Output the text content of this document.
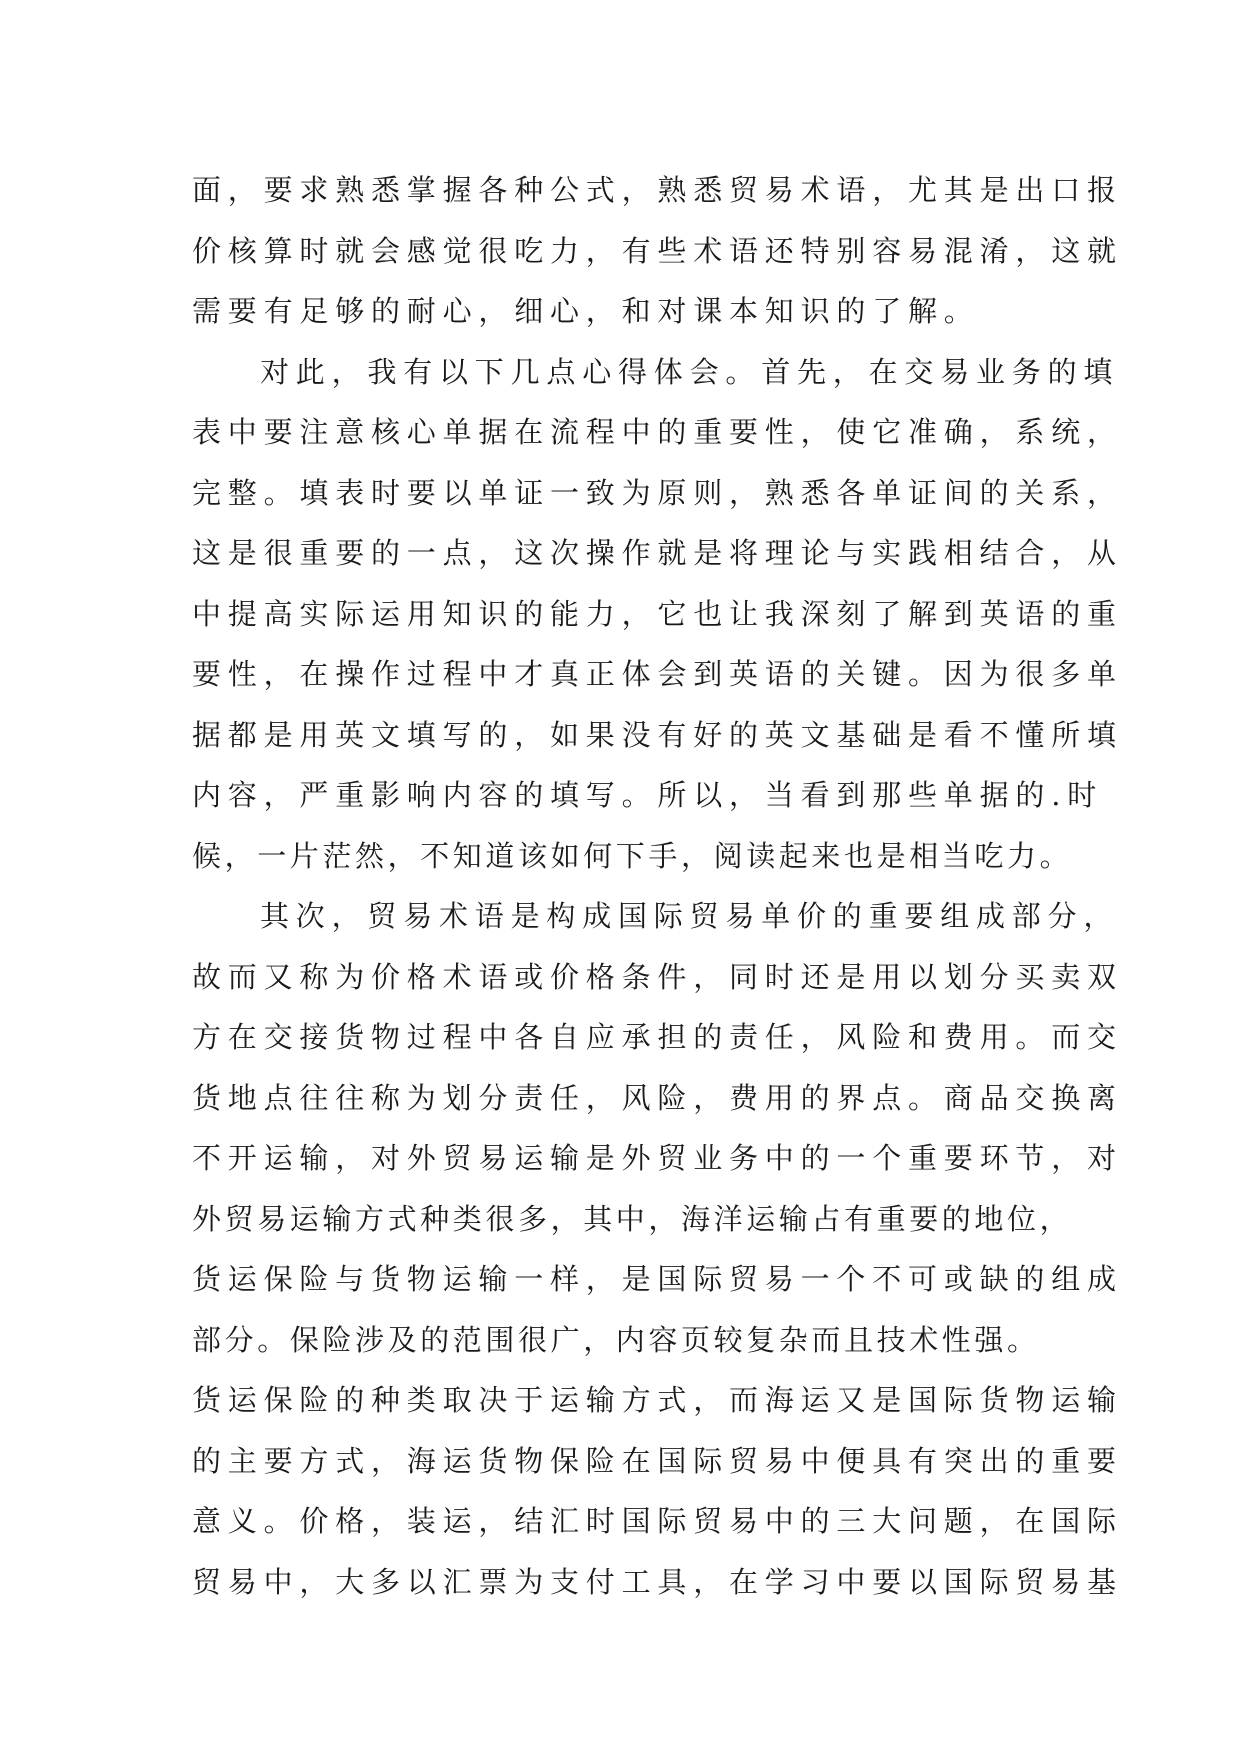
面，要求熟悉掌握各种公式，熟悉贸易术语，尤其是出口报
价核算时就会感觉很吃力，有些术语还特别容易混淆，这就
需要有足够的耐心，细心，和对课本知识的了解。
对此，我有以下几点心得体会。首先，在交易业务的填
表中要注意核心单据在流程中的重要性，使它准确，系统，
完整。填表时要以单证一致为原则，熟悉各单证间的关系，
这是很重要的一点，这次操作就是将理论与实践相结合，从
中提高实际运用知识的能力，它也让我深刻了解到英语的重
要性，在操作过程中才真正体会到英语的关键。因为很多单
据都是用英文填写的，如果没有好的英文基础是看不懂所填
内容，严重影响内容的填写。所以，当看到那些单据的.时
候，一片茫然，不知道该如何下手，阅读起来也是相当吃力。
其次，贸易术语是构成国际贸易单价的重要组成部分，
故而又称为价格术语或价格条件，同时还是用以划分买卖双
方在交接货物过程中各自应承担的责任，风险和费用。而交
货地点往往称为划分责任，风险，费用的界点。商品交换离
不开运输，对外贸易运输是外贸业务中的一个重要环节，对
外贸易运输方式种类很多，其中，海洋运输占有重要的地位，
货运保险与货物运输一样，是国际贸易一个不可或缺的组成
部分。保险涉及的范围很广，内容页较复杂而且技术性强。
货运保险的种类取决于运输方式，而海运又是国际货物运输
的主要方式，海运货物保险在国际贸易中便具有突出的重要
意义。价格，装运，结汇时国际贸易中的三大问题，在国际
贸易中，大多以汇票为支付工具，在学习中要以国际贸易基
